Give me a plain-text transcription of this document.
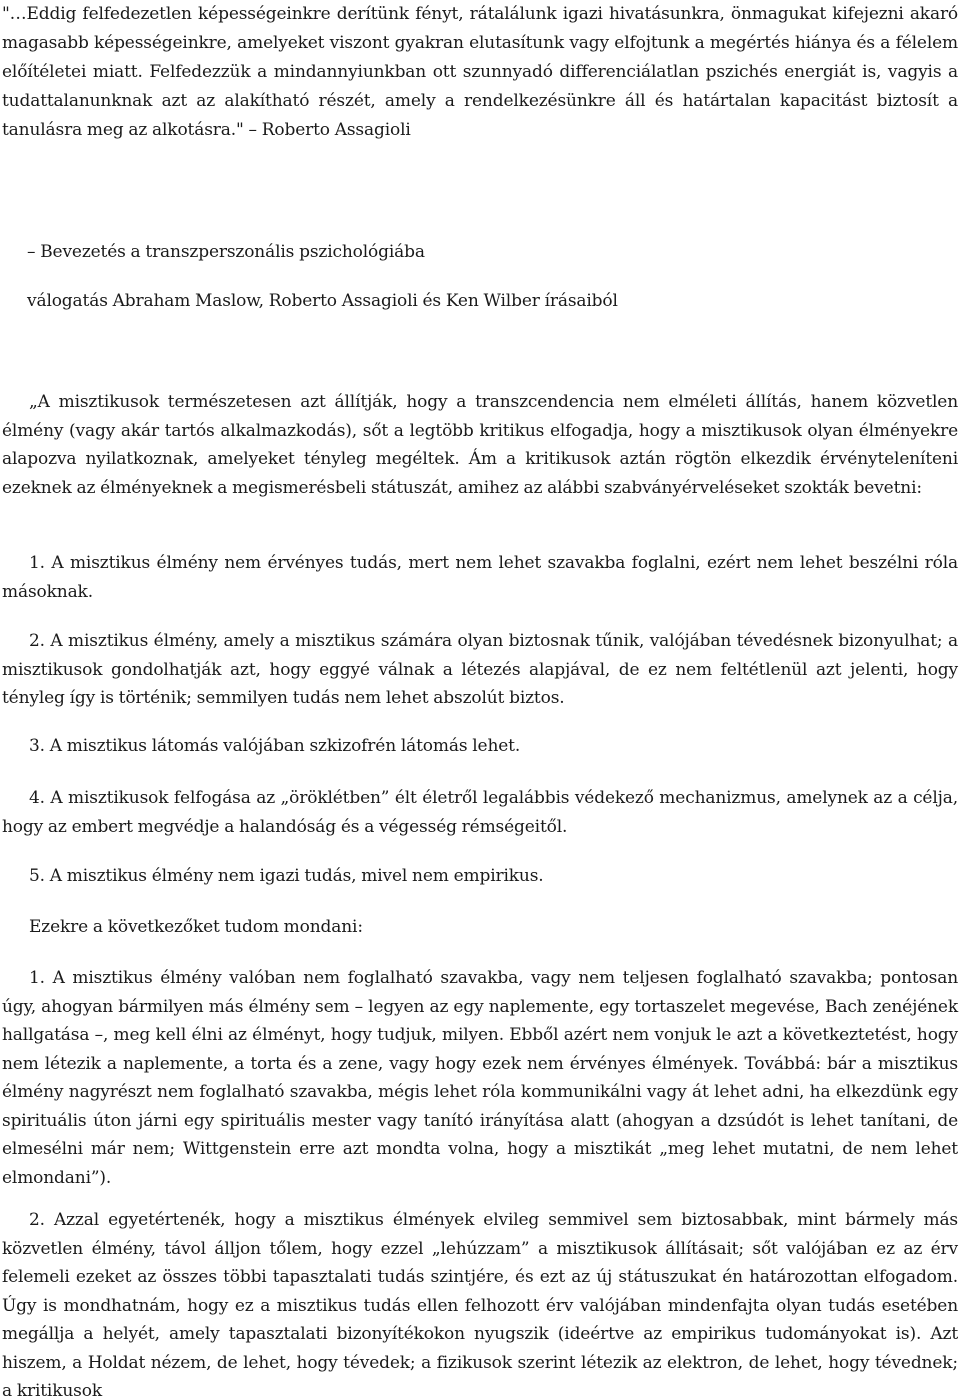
"…Eddig felfedezetlen képességeinkre derítünk fényt, rátalálunk igazi hivatásunkra, önmagukat kifejezni akaró magasabb képességeinkre, amelyeket viszont gyakran elutasítunk vagy elfojtunk a megértés hiánya és a félelem előítéletei miatt. Felfedezzük a mindannyiunkban ott szunnyadó differenciálatlan pszichés energiát is, vagyis a tudattalanunknak azt az alakítható részét, amely a rendelkezésünkre áll és határtalan kapacitást biztosít a tanulásra meg az alkotásra." – Roberto Assagioli

– Bevezetés a transzperszonális pszichológiába

válogatás Abraham Maslow, Roberto Assagioli és Ken Wilber írásaiból

„A misztikusok természetesen azt állítják, hogy a transzcendencia nem elméleti állítás, hanem közvetlen élmény (vagy akár tartós alkalmazkodás), sőt a legtöbb kritikus elfogadja, hogy a misztikusok olyan élményekre alapozva nyilatkoznak, amelyeket tényleg megéltek. Ám a kritikusok aztán rögtön elkezdik érvényteleníteni ezeknek az élményeknek a megismerésbeli státuszát, amihez az alábbi szabványérveléseket szokták bevetni:

1. A misztikus élmény nem érvényes tudás, mert nem lehet szavakba foglalni, ezért nem lehet beszélni róla másoknak.

2. A misztikus élmény, amely a misztikus számára olyan biztosnak tűnik, valójában tévedésnek bizonyulhat; a misztikusok gondolhatják azt, hogy eggyé válnak a létezés alapjával, de ez nem feltétlenül azt jelenti, hogy tényleg így is történik; semmilyen tudás nem lehet abszolút biztos.

3. A misztikus látomás valójában szkizofrén látomás lehet.

4. A misztikusok felfogása az „öröklétben” élt életről legalábbis védekező mechanizmus, amelynek az a célja, hogy az embert megvédje a halandóság és a végesség rémségeitől.

5. A misztikus élmény nem igazi tudás, mivel nem empirikus.

Ezekre a következőket tudom mondani:

1. A misztikus élmény valóban nem foglalható szavakba, vagy nem teljesen foglalható szavakba; pontosan úgy, ahogyan bármilyen más élmény sem – legyen az egy naplemente, egy tortaszelet megevése, Bach zenéjének hallgatása –, meg kell élni az élményt, hogy tudjuk, milyen. Ebből azért nem vonjuk le azt a következtetést, hogy nem létezik a naplemente, a torta és a zene, vagy hogy ezek nem érvényes élmények. Továbbá: bár a misztikus élmény nagyrészt nem foglalható szavakba, mégis lehet róla kommunikálni vagy át lehet adni, ha elkezdünk egy spirituális úton járni egy spirituális mester vagy tanító irányítása alatt (ahogyan a dzsúdót is lehet tanítani, de elmesélni már nem; Wittgenstein erre azt mondta volna, hogy a misztikát „meg lehet mutatni, de nem lehet elmondani”).

2. Azzal egyetértenék, hogy a misztikus élmények elvileg semmivel sem biztosabbak, mint bármely más közvetlen élmény, távol álljon tőlem, hogy ezzel „lehúzzam” a misztikusok állításait; sőt valójában ez az érv felemeli ezeket az összes többi tapasztalati tudás szintjére, és ezt az új státuszukat én határozottan elfogadom. Úgy is mondhatnám, hogy ez a misztikus tudás ellen felhozott érv valójában mindenfajta olyan tudás esetében megállja a helyét, amely tapasztalati bizonyítékokon nyugszik (ideértve az empirikus tudományokat is). Azt hiszem, a Holdat nézem, de lehet, hogy tévedek; a fizikusok szerint létezik az elektron, de lehet, hogy tévednek; a kritikusok
